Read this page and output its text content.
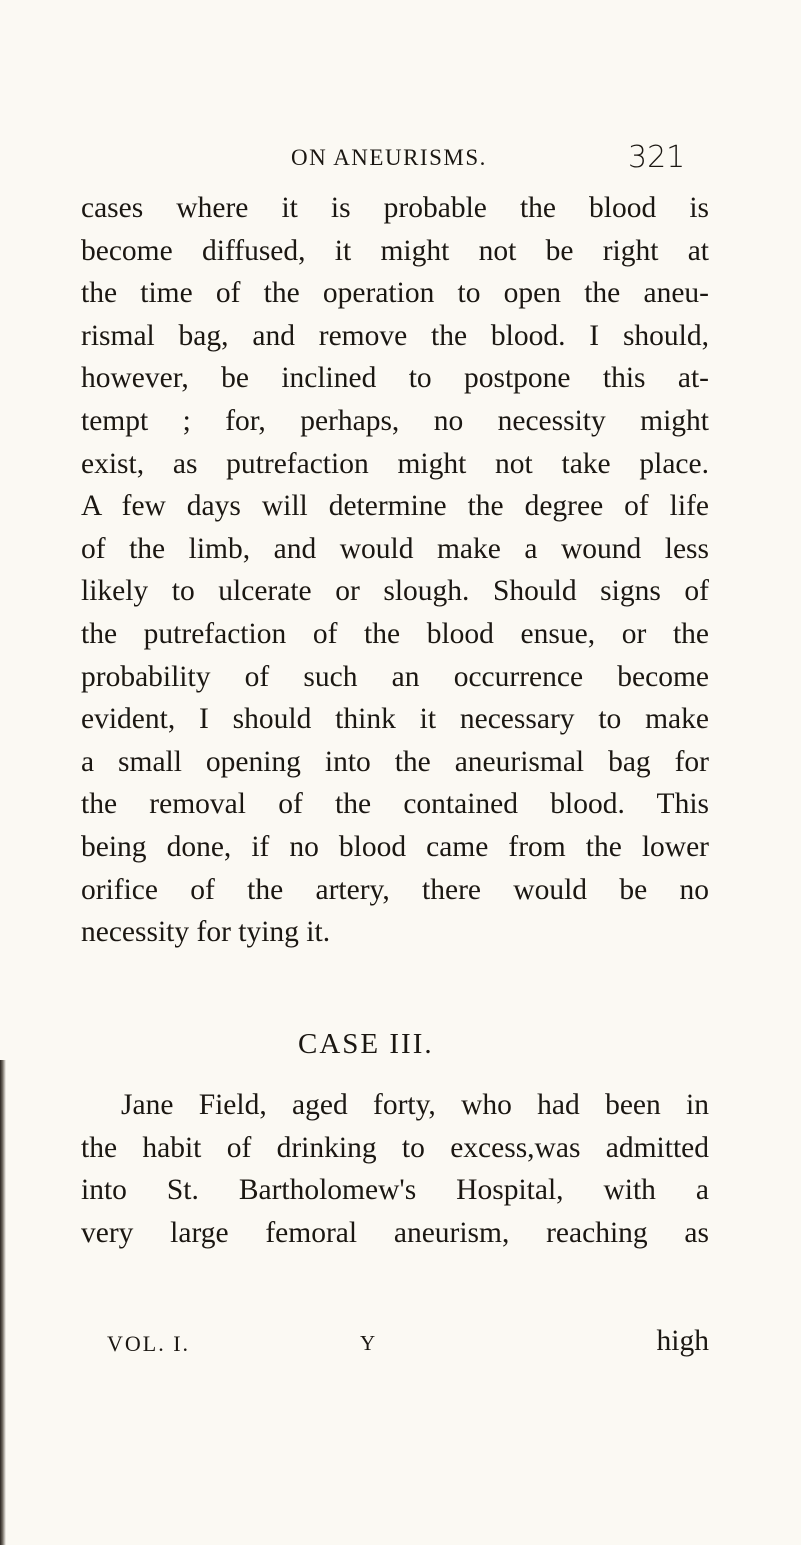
ON ANEURISMS.	321
cases where it is probable the blood is
become diffused, it might not be right at
the time of the operation to open the aneu-
rismal bag, and remove the blood. I should,
however, be inclined to postpone this at-
tempt ; for, perhaps, no necessity might
exist, as putrefaction might not take place.
A few days will determine the degree of life
of the limb, and would make a wound less
likely to ulcerate or slough. Should signs of
the putrefaction of the blood ensue, or the
probability of such an occurrence become
evident, I should think it necessary to make
a small opening into the aneurismal bag for
the removal of the contained blood. This
being done, if no blood came from the lower
orifice of the artery, there would be no
necessity for tying it.
CASE III.
Jane Field, aged forty, who had been in
the habit of drinking to excess,was admitted
into St. Bartholomew's Hospital, with a
very large femoral aneurism, reaching as
VOL. I.	Y	high
